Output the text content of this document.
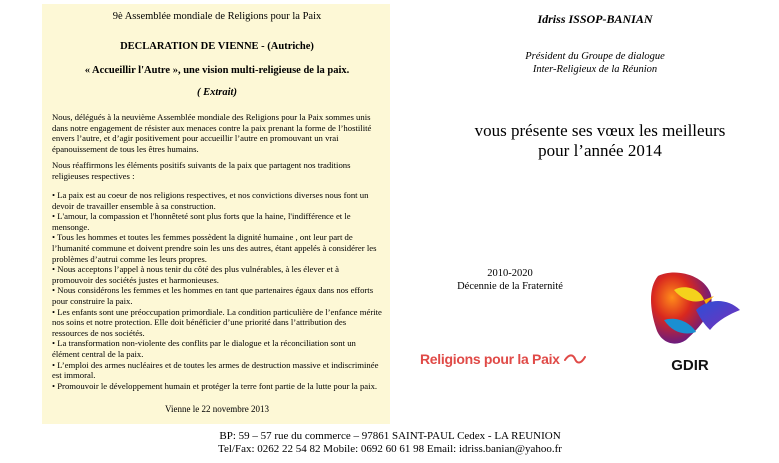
9è Assemblée mondiale de Religions pour la Paix
DECLARATION DE VIENNE - (Autriche)
« Accueillir l'Autre », une vision multi-religieuse de la paix.
( Extrait)
Nous, délégués à la neuvième Assemblée mondiale des Religions pour la Paix sommes unis dans notre engagement de résister aux menaces contre la paix prenant la forme de l’hostilité envers l’autre, et d’agir positivement pour accueillir l’autre en promouvant un vrai épanouissement de tous les êtres humains.
Nous réaffirmons les éléments positifs suivants de la paix que partagent nos traditions religieuses respectives :

• La paix est au coeur de nos religions respectives, et nos convictions diverses nous font un devoir de travailler ensemble à sa construction.

• L'amour, la compassion et l'honnêteté sont plus forts que la haine, l'indifférence et le mensonge.

• Tous les hommes et toutes les femmes possèdent la dignité humaine , ont leur part de l’humanité commune et doivent prendre soin les uns des autres, étant appelés à considérer les problèmes d’autrui comme les leurs propres.

• Nous acceptons l’appel à nous tenir du côté des plus vulnérables, à les élever et à promouvoir des sociétés justes et harmonieuses.

• Nous considérons les femmes et les hommes en tant que partenaires égaux dans nos efforts pour construire la paix.

• Les enfants sont une préoccupation primordiale. La condition particulière de l’enfance mérite nos soins et notre protection. Elle doit bénéficier d’une priorité dans l’attribution des ressources de nos sociétés.

• La transformation non-violente des conflits par le dialogue et la réconciliation sont un élément central de la paix.

• L’emploi des armes nucléaires et de toutes les armes de destruction massive et indiscriminée est immoral.

• Promouvoir le développement humain et protéger la terre font partie de la lutte pour la paix.

Vienne le 22 novembre 2013
Idriss ISSOP-BANIAN
Président du Groupe de dialogue
Inter-Religieux de la Réunion
vous présente ses vœux les meilleurs
pour l’année 2014
2010-2020
Décennie de la Fraternité
Religions pour la Paix	GDIR
BP: 59 – 57 rue du commerce – 97861 SAINT-PAUL Cedex - LA REUNION
Tel/Fax: 0262 22 54 82 Mobile: 0692 60 61 98 Email: idriss.banian@yahoo.fr
